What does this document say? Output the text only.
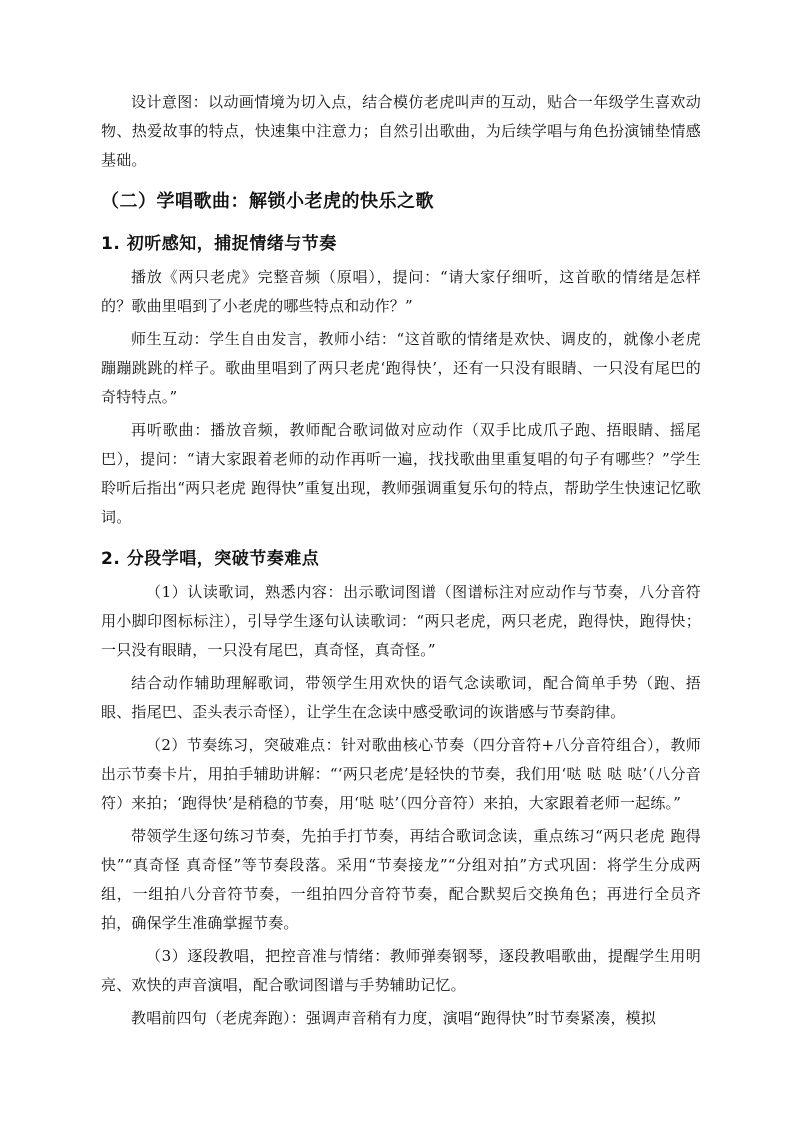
设计意图：以动画情境为切入点，结合模仿老虎叫声的互动，贴合一年级学生喜欢动物、热爱故事的特点，快速集中注意力；自然引出歌曲，为后续学唱与角色扮演铺垫情感基础。

（二）学唱歌曲：解锁小老虎的快乐之歌
1. 初听感知，捕捉情绪与节奏

播放《两只老虎》完整音频（原唱），提问：“请大家仔细听，这首歌的情绪是怎样的？歌曲里唱到了小老虎的哪些特点和动作？”

师生互动：学生自由发言，教师小结：“这首歌的情绪是欢快、调皮的，就像小老虎蹦蹦跳跳的样子。歌曲里唱到了两只老虎‘跑得快’，还有一只没有眼睛、一只没有尾巴的奇特特点。”

再听歌曲：播放音频，教师配合歌词做对应动作（双手比成爪子跑、捂眼睛、摇尾巴），提问：“请大家跟着老师的动作再听一遍，找找歌曲里重复唱的句子有哪些？”学生聆听后指出“两只老虎 跑得快”重复出现，教师强调重复乐句的特点，帮助学生快速记忆歌词。

2. 分段学唱，突破节奏难点

（1）认读歌词，熟悉内容：出示歌词图谱（图谱标注对应动作与节奏，八分音符用小脚印图标标注），引导学生逐句认读歌词：“两只老虎，两只老虎，跑得快，跑得快；一只没有眼睛，一只没有尾巴，真奇怪，真奇怪。”

结合动作辅助理解歌词，带领学生用欢快的语气念读歌词，配合简单手势（跑、捂眼、指尾巴、歪头表示奇怪），让学生在念读中感受歌词的诙谐感与节奏韵律。

（2）节奏练习，突破难点：针对歌曲核心节奏（四分音符+八分音符组合），教师出示节奏卡片，用拍手辅助讲解：“‘两只老虎’是轻快的节奏，我们用‘哒 哒 哒 哒’（八分音符）来拍；‘跑得快’是稍稳的节奏，用‘哒 哒’（四分音符）来拍，大家跟着老师一起练。”

带领学生逐句练习节奏，先拍手打节奏，再结合歌词念读，重点练习“两只老虎 跑得快”“真奇怪 真奇怪”等节奏段落。采用“节奏接龙”“分组对拍”方式巩固：将学生分成两组，一组拍八分音符节奏，一组拍四分音符节奏，配合默契后交换角色；再进行全员齐拍，确保学生准确掌握节奏。

（3）逐段教唱，把控音准与情绪：教师弹奏钢琴，逐段教唱歌曲，提醒学生用明亮、欢快的声音演唱，配合歌词图谱与手势辅助记忆。

教唱前四句（老虎奔跑）：强调声音稍有力度，演唱“跑得快”时节奏紧凑，模拟
